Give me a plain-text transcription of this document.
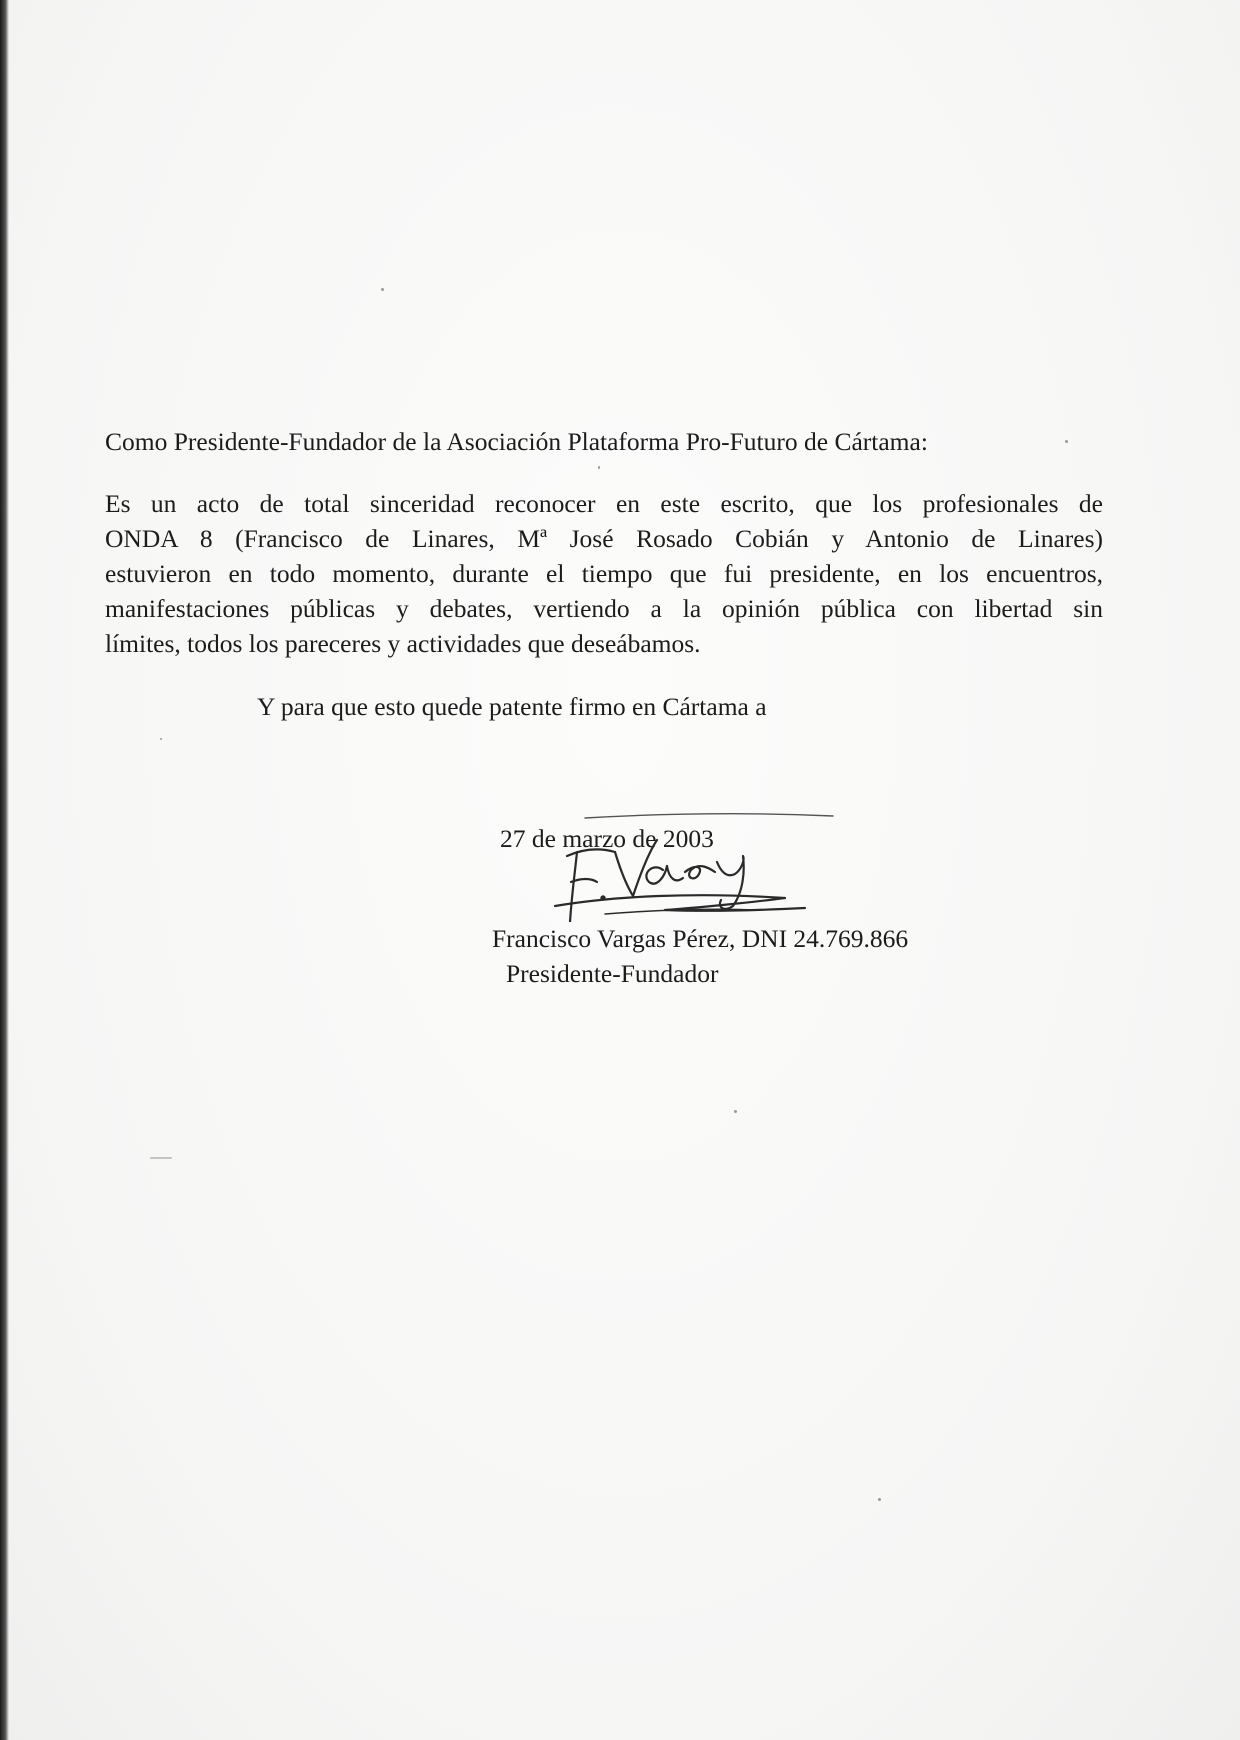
Como Presidente-Fundador de la Asociación Plataforma Pro-Futuro de Cártama:
Es un acto de total sinceridad reconocer en este escrito, que los profesionales de
ONDA 8 (Francisco de Linares, Mª José Rosado Cobián y Antonio de Linares)
estuvieron en todo momento, durante el tiempo que fui presidente, en los encuentros,
manifestaciones públicas y debates, vertiendo a la opinión pública con libertad sin
límites, todos los pareceres y actividades que deseábamos.
Y para que esto quede patente firmo en Cártama a
27 de marzo de 2003
Francisco Vargas Pérez, DNI 24.769.866
Presidente-Fundador
